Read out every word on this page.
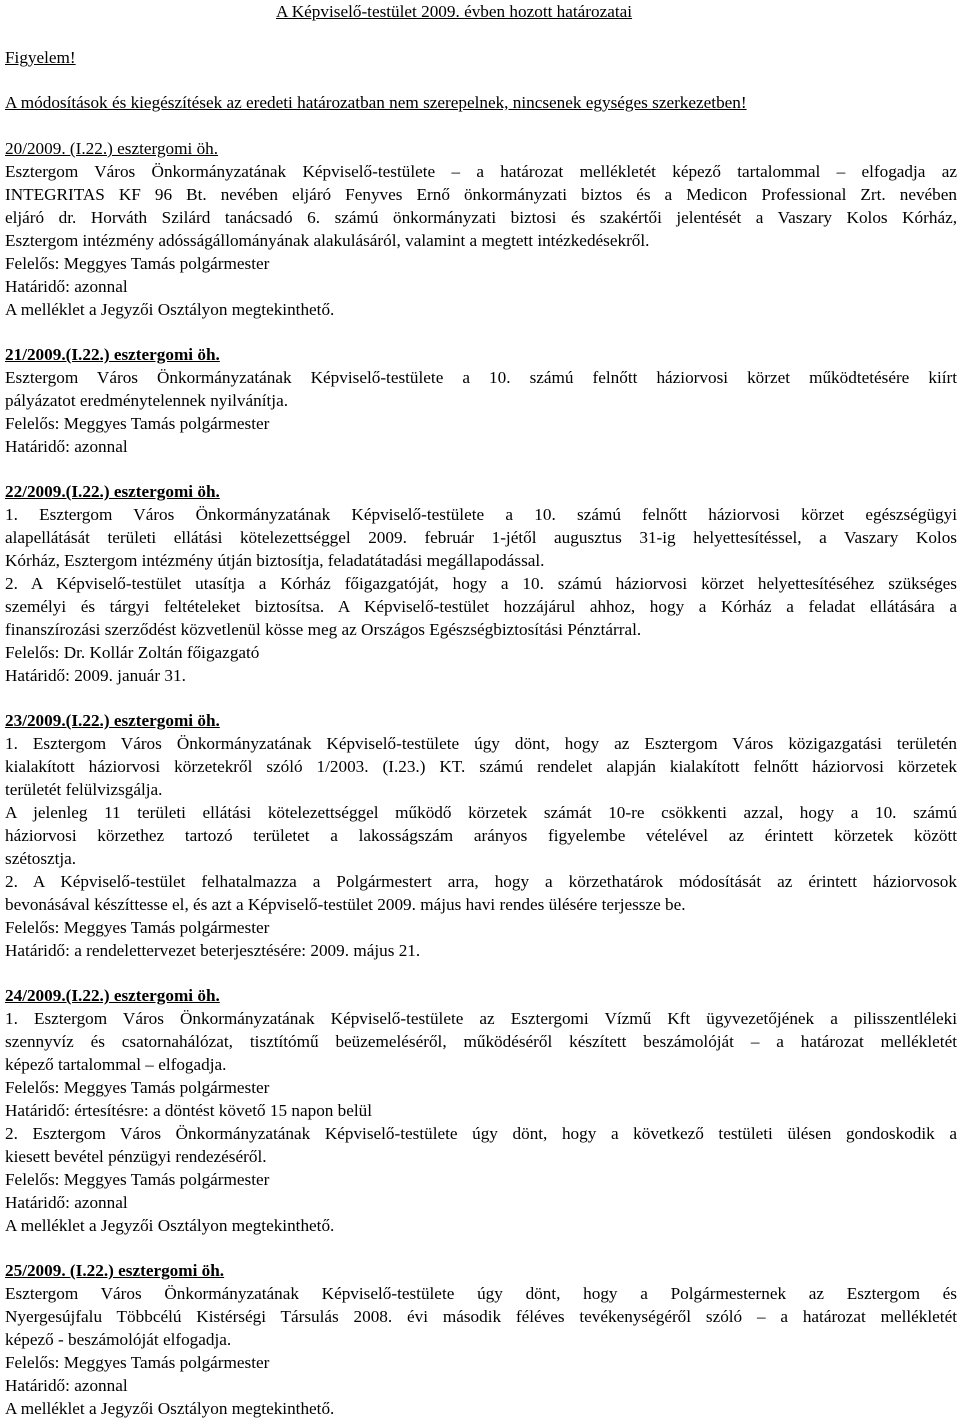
A Képviselő-testület 2009. évben hozott határozatai
Figyelem!
A módosítások és kiegészítések az eredeti határozatban nem szerepelnek, nincsenek egységes szerkezetben!
20/2009. (I.22.) esztergomi öh.
Esztergom Város Önkormányzatának Képviselő-testülete – a határozat mellékletét képező tartalommal – elfogadja az
INTEGRITAS KF 96 Bt. nevében eljáró Fenyves Ernő önkormányzati biztos és a Medicon Professional Zrt. nevében
eljáró dr. Horváth Szilárd tanácsadó 6. számú önkormányzati biztosi és szakértői jelentését a Vaszary Kolos Kórház,
Esztergom intézmény adósságállományának alakulásáról, valamint a megtett intézkedésekről.
Felelős: Meggyes Tamás polgármester
Határidő: azonnal
A melléklet a Jegyzői Osztályon megtekinthető.
21/2009.(I.22.) esztergomi öh.
Esztergom Város Önkormányzatának Képviselő-testülete a 10. számú felnőtt háziorvosi körzet működtetésére kiírt
pályázatot eredménytelennek nyilvánítja.
Felelős: Meggyes Tamás polgármester
Határidő: azonnal
22/2009.(I.22.) esztergomi öh.
1. Esztergom Város Önkormányzatának Képviselő-testülete a 10. számú felnőtt háziorvosi körzet egészségügyi
alapellátását területi ellátási kötelezettséggel 2009. február 1-jétől augusztus 31-ig helyettesítéssel, a Vaszary Kolos
Kórház, Esztergom intézmény útján biztosítja, feladatátadási megállapodással.
2. A Képviselő-testület utasítja a Kórház főigazgatóját, hogy a 10. számú háziorvosi körzet helyettesítéséhez szükséges
személyi és tárgyi feltételeket biztosítsa. A Képviselő-testület hozzájárul ahhoz, hogy a Kórház a feladat ellátására a
finanszírozási szerződést közvetlenül kösse meg az Országos Egészségbiztosítási Pénztárral.
Felelős: Dr. Kollár Zoltán főigazgató
Határidő: 2009. január 31.
23/2009.(I.22.) esztergomi öh.
1. Esztergom Város Önkormányzatának Képviselő-testülete úgy dönt, hogy az Esztergom Város közigazgatási területén
kialakított háziorvosi körzetekről szóló 1/2003. (I.23.) KT. számú rendelet alapján kialakított felnőtt háziorvosi körzetek
területét felülvizsgálja.
A jelenleg 11 területi ellátási kötelezettséggel működő körzetek számát 10-re csökkenti azzal, hogy a 10. számú
háziorvosi körzethez tartozó területet a lakosságszám arányos figyelembe vételével az érintett körzetek között
szétosztja.
2. A Képviselő-testület felhatalmazza a Polgármestert arra, hogy a körzethatárok módosítását az érintett háziorvosok
bevonásával készíttesse el, és azt a Képviselő-testület 2009. május havi rendes ülésére terjessze be.
Felelős: Meggyes Tamás polgármester
Határidő: a rendelettervezet beterjesztésére: 2009. május 21.
24/2009.(I.22.) esztergomi öh.
1. Esztergom Város Önkormányzatának Képviselő-testülete az Esztergomi Vízmű Kft ügyvezetőjének a pilisszentléleki
szennyvíz és csatornahálózat, tisztítómű beüzemeléséről, működéséről készített beszámolóját – a határozat mellékletét
képező tartalommal – elfogadja.
Felelős: Meggyes Tamás polgármester
Határidő: értesítésre: a döntést követő 15 napon belül
2. Esztergom Város Önkormányzatának Képviselő-testülete úgy dönt, hogy a következő testületi ülésen gondoskodik a
kiesett bevétel pénzügyi rendezéséről.
Felelős: Meggyes Tamás polgármester
Határidő: azonnal
A melléklet a Jegyzői Osztályon megtekinthető.
25/2009. (I.22.) esztergomi öh.
Esztergom Város Önkormányzatának Képviselő-testülete úgy dönt, hogy a Polgármesternek az Esztergom és
Nyergesújfalu Többcélú Kistérségi Társulás 2008. évi második féléves tevékenységéről szóló – a határozat mellékletét
képező - beszámolóját elfogadja.
Felelős: Meggyes Tamás polgármester
Határidő: azonnal
A melléklet a Jegyzői Osztályon megtekinthető.
